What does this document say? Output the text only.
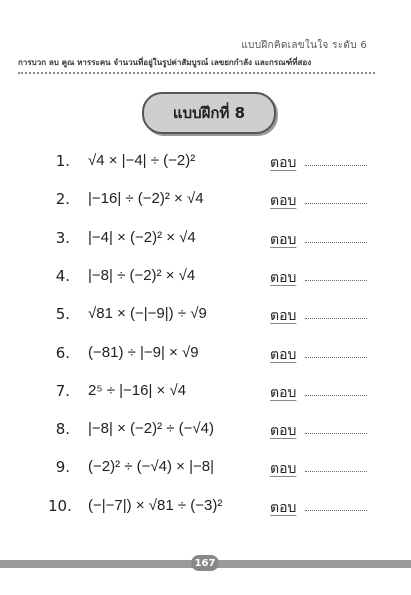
แบบฝึกคิดเลขในใจ ระดับ 6
การบวก ลบ คูณ หารระคน จำนวนที่อยู่ในรูปค่าสัมบูรณ์ เลขยกกำลัง และกรณฑ์ที่สอง
แบบฝึกที่ 8
1. √4 × |−4| ÷ (−2)²	ตอบ
2. |−16| ÷ (−2)² × √4	ตอบ
3. |−4| × (−2)² × √4	ตอบ
4. |−8| ÷ (−2)² × √4	ตอบ
5. √81 × (−|−9|) ÷ √9	ตอบ
6. (−81) ÷ |−9| × √9	ตอบ
7. 2⁵ ÷ |−16| × √4	ตอบ
8. |−8| × (−2)² ÷ (−√4)	ตอบ
9. (−2)² ÷ (−√4) × |−8|	ตอบ
10. (−|−7|) × √81 ÷ (−3)²	ตอบ
167
